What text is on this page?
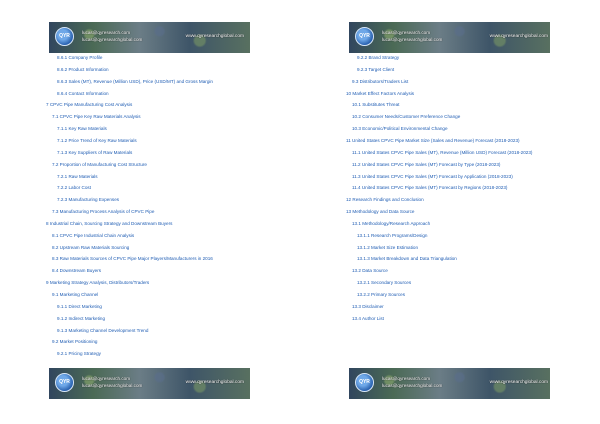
QYR
lucas@qyresearch.com
lucas@qyresearchglobal.com
www.qyresearchglobal.com
8.6.1 Company Profile
8.6.2 Product Information
8.6.3 Sales (MT), Revenue (Million USD), Price (USD/MT) and Gross Margin
8.6.4 Contact Information
7 CPVC Pipe Manufacturing Cost Analysis
7.1 CPVC Pipe Key Raw Materials Analysis
7.1.1 Key Raw Materials
7.1.2 Price Trend of Key Raw Materials
7.1.3 Key Suppliers of Raw Materials
7.2 Proportion of Manufacturing Cost Structure
7.2.1 Raw Materials
7.2.2 Labor Cost
7.2.3 Manufacturing Expenses
7.3 Manufacturing Process Analysis of CPVC Pipe
8 Industrial Chain, Sourcing Strategy and Downstream Buyers
8.1 CPVC Pipe Industrial Chain Analysis
8.2 Upstream Raw Materials Sourcing
8.3 Raw Materials Sources of CPVC Pipe Major Players/Manufacturers in 2016
8.4 Downstream Buyers
9 Marketing Strategy Analysis, Distributors/Traders
9.1 Marketing Channel
9.1.1 Direct Marketing
9.1.2 Indirect Marketing
9.1.3 Marketing Channel Development Trend
9.2 Market Positioning
9.2.1 Pricing Strategy
QYR
lucas@qyresearch.com
lucas@qyresearchglobal.com
www.qyresearchglobal.com
QYR
lucas@qyresearch.com
lucas@qyresearchglobal.com
www.qyresearchglobal.com
9.2.2 Brand Strategy
9.2.3 Target Client
9.3 Distributors/Traders List
10 Market Effect Factors Analysis
10.1 Substitutes Threat
10.2 Consumer Needs/Customer Preference Change
10.3 Economic/Political Environmental Change
11 United States CPVC Pipe Market Size (Sales and Revenue) Forecast (2018-2023)
11.1 United States CPVC Pipe Sales (MT), Revenue (Million USD) Forecast (2018-2023)
11.2 United States CPVC Pipe Sales (MT) Forecast by Type (2018-2023)
11.3 United States CPVC Pipe Sales (MT) Forecast by Application (2018-2023)
11.4 United States CPVC Pipe Sales (MT) Forecast by Regions (2018-2023)
12 Research Findings and Conclusion
13 Methodology and Data Source
13.1 Methodology/Research Approach
13.1.1 Research Programs/Design
13.1.2 Market Size Estimation
13.1.3 Market Breakdown and Data Triangulation
13.2 Data Source
13.2.1 Secondary Sources
13.2.2 Primary Sources
13.3 Disclaimer
13.4 Author List
QYR
lucas@qyresearch.com
lucas@qyresearchglobal.com
www.qyresearchglobal.com
